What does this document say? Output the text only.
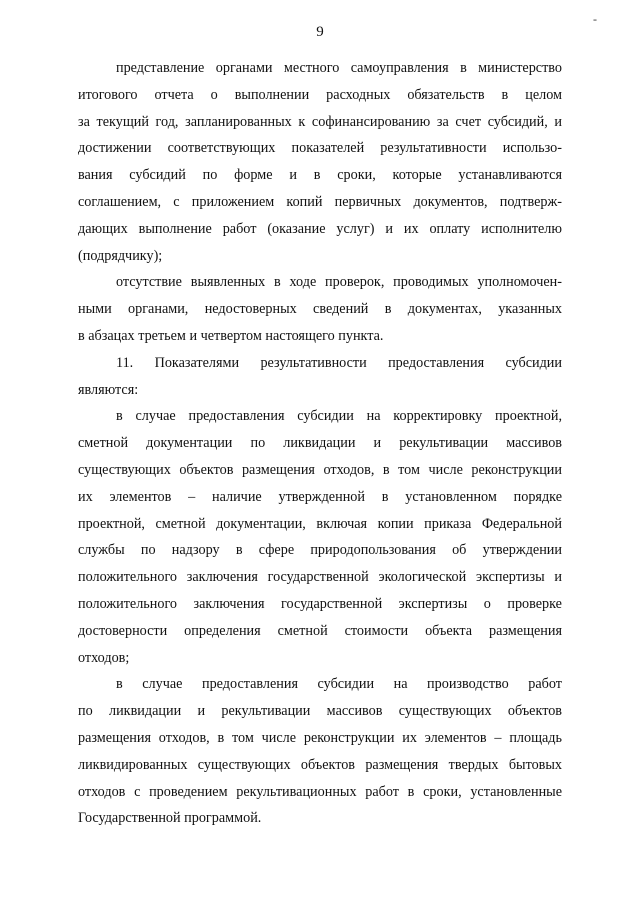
9
-

представление органами местного самоуправления в министерство
итогового отчета о выполнении расходных обязательств в целом
за текущий год, запланированных к софинансированию за счет субсидий, и
достижении соответствующих показателей результативности использо-
вания субсидий по форме и в сроки, которые устанавливаются
соглашением, с приложением копий первичных документов, подтверж-
дающих выполнение работ (оказание услуг) и их оплату исполнителю
(подрядчику);

отсутствие выявленных в ходе проверок, проводимых уполномочен-
ными органами, недостоверных сведений в документах, указанных
в абзацах третьем и четвертом настоящего пункта.

11. Показателями результативности предоставления субсидии
являются:

в случае предоставления субсидии на корректировку проектной,
сметной документации по ликвидации и рекультивации массивов
существующих объектов размещения отходов, в том числе реконструкции
их элементов – наличие утвержденной в установленном порядке
проектной, сметной документации, включая копии приказа Федеральной
службы по надзору в сфере природопользования об утверждении
положительного заключения государственной экологической экспертизы и
положительного заключения государственной экспертизы о проверке
достоверности определения сметной стоимости объекта размещения
отходов;

в случае предоставления субсидии на производство работ
по ликвидации и рекультивации массивов существующих объектов
размещения отходов, в том числе реконструкции их элементов – площадь
ликвидированных существующих объектов размещения твердых бытовых
отходов с проведением рекультивационных работ в сроки, установленные
Государственной программой.
